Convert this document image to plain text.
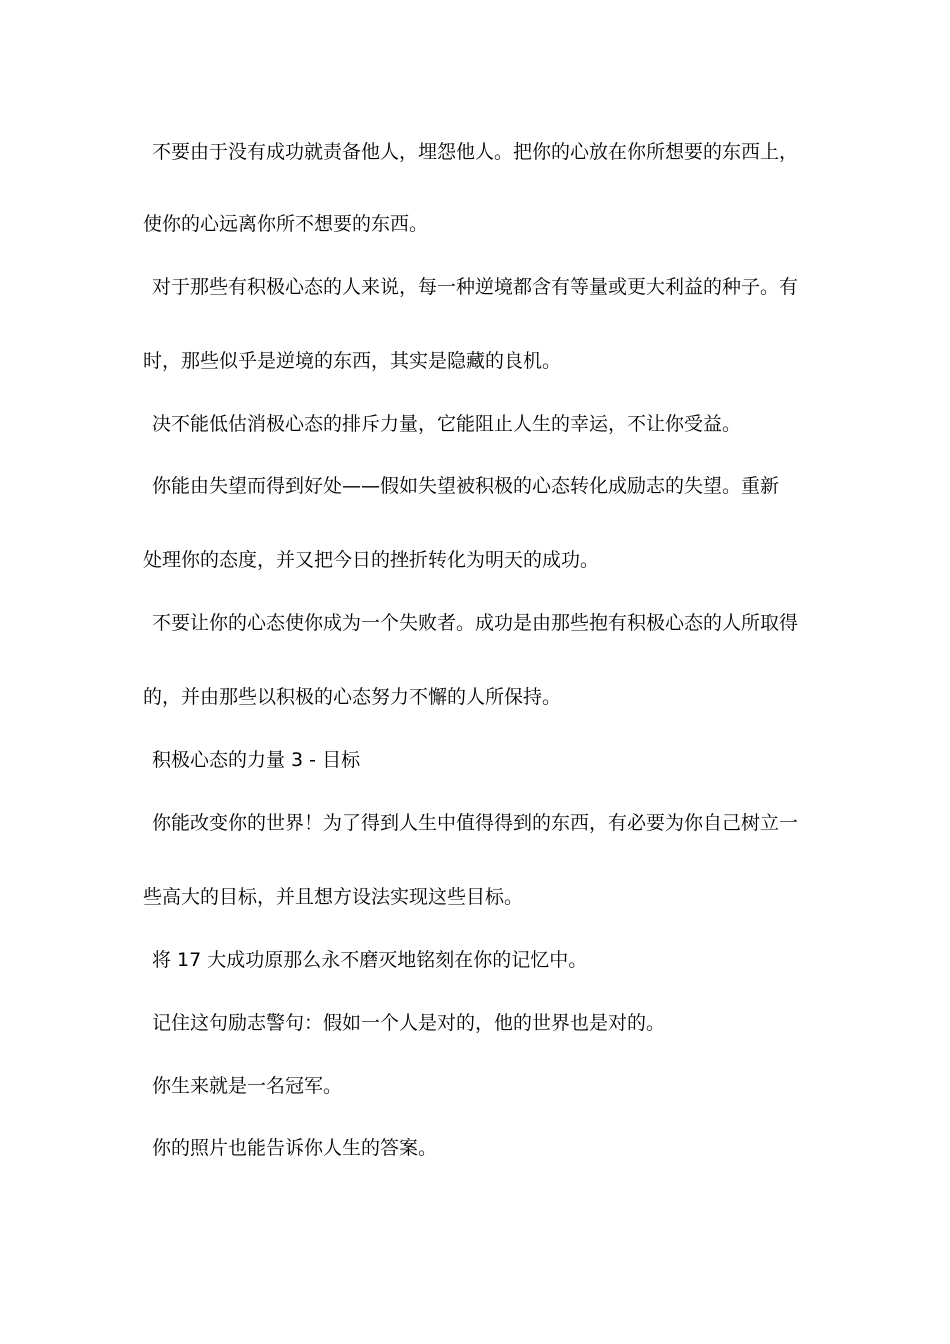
不要由于没有成功就责备他人，埋怨他人。把你的心放在你所想要的东西上，
使你的心远离你所不想要的东西。
对于那些有积极心态的人来说，每一种逆境都含有等量或更大利益的种子。有
时，那些似乎是逆境的东西，其实是隐藏的良机。
决不能低估消极心态的排斥力量，它能阻止人生的幸运，不让你受益。
你能由失望而得到好处——假如失望被积极的心态转化成励志的失望。重新
处理你的态度，并又把今日的挫折转化为明天的成功。
不要让你的心态使你成为一个失败者。成功是由那些抱有积极心态的人所取得
的，并由那些以积极的心态努力不懈的人所保持。
积极心态的力量 3 - 目标
你能改变你的世界！为了得到人生中值得得到的东西，有必要为你自己树立一
些高大的目标，并且想方设法实现这些目标。
将 17 大成功原那么永不磨灭地铭刻在你的记忆中。
记住这句励志警句：假如一个人是对的，他的世界也是对的。
你生来就是一名冠军。
你的照片也能告诉你人生的答案。
